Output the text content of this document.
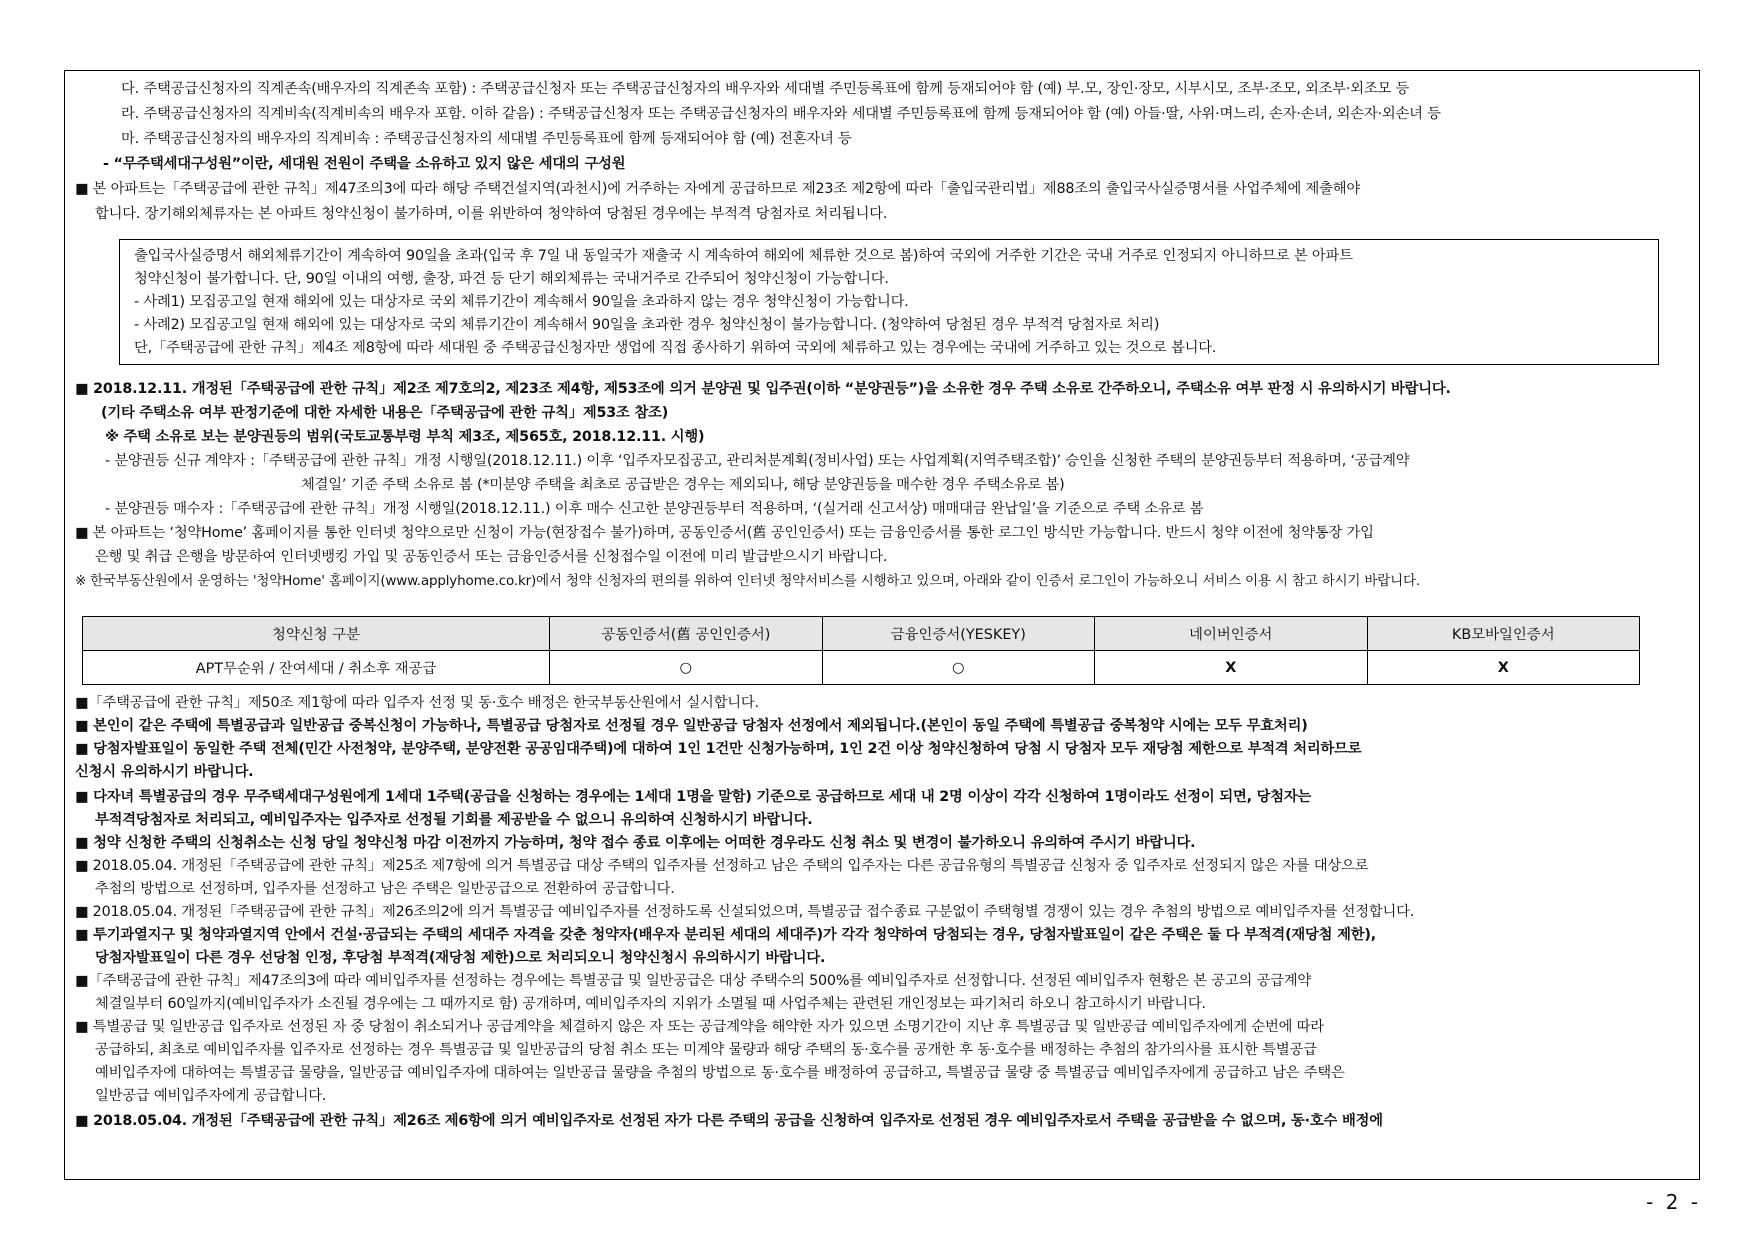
다. 주택공급신청자의 직계존속(배우자의 직계존속 포함) : 주택공급신청자 또는 주택공급신청자의 배우자와 세대별 주민등록표에 함께 등재되어야 함 (예) 부.모, 장인·장모, 시부시모, 조부·조모, 외조부·외조모 등
라. 주택공급신청자의 직계비속(직계비속의 배우자 포함. 이하 같음) : 주택공급신청자 또는 주택공급신청자의 배우자와 세대별 주민등록표에 함께 등재되어야 함 (예) 아들·딸, 사위·며느리, 손자·손녀, 외손자·외손녀 등
마. 주택공급신청자의 배우자의 직계비속 : 주택공급신청자의 세대별 주민등록표에 함께 등재되어야 함 (예) 전혼자녀 등
- “무주택세대구성원”이란, 세대원 전원이 주택을 소유하고 있지 않은 세대의 구성원
■ 본 아파트는「주택공급에 관한 규칙」제47조의3에 따라 해당 주택건설지역(과천시)에 거주하는 자에게 공급하므로 제23조 제2항에 따라「출입국관리법」제88조의 출입국사실증명서를 사업주체에 제출해야
합니다. 장기해외체류자는 본 아파트 청약신청이 불가하며, 이를 위반하여 청약하여 당첨된 경우에는 부적격 당첨자로 처리됩니다.
출입국사실증명서 해외체류기간이 계속하여 90일을 초과(입국 후 7일 내 동일국가 재출국 시 계속하여 해외에 체류한 것으로 봄)하여 국외에 거주한 기간은 국내 거주로 인정되지 아니하므로 본 아파트
청약신청이 불가합니다. 단, 90일 이내의 여행, 출장, 파견 등 단기 해외체류는 국내거주로 간주되어 청약신청이 가능합니다.
- 사례1) 모집공고일 현재 해외에 있는 대상자로 국외 체류기간이 계속해서 90일을 초과하지 않는 경우 청약신청이 가능합니다.
- 사례2) 모집공고일 현재 해외에 있는 대상자로 국외 체류기간이 계속해서 90일을 초과한 경우 청약신청이 불가능합니다. (청약하여 당첨된 경우 부적격 당첨자로 처리)
단,「주택공급에 관한 규칙」제4조 제8항에 따라 세대원 중 주택공급신청자만 생업에 직접 종사하기 위하여 국외에 체류하고 있는 경우에는 국내에 거주하고 있는 것으로 봅니다.
■ 2018.12.11. 개정된「주택공급에 관한 규칙」제2조 제7호의2, 제23조 제4항, 제53조에 의거 분양권 및 입주권(이하 “분양권등”)을 소유한 경우 주택 소유로 간주하오니, 주택소유 여부 판정 시 유의하시기 바랍니다.
(기타 주택소유 여부 판정기준에 대한 자세한 내용은「주택공급에 관한 규칙」제53조 참조)
※ 주택 소유로 보는 분양권등의 범위(국토교통부령 부칙 제3조, 제565호, 2018.12.11. 시행)
- 분양권등 신규 계약자 :「주택공급에 관한 규칙」개정 시행일(2018.12.11.) 이후 ‘입주자모집공고, 관리처분계획(정비사업) 또는 사업계획(지역주택조합)’ 승인을 신청한 주택의 분양권등부터 적용하며, ‘공급계약
체결일’ 기준 주택 소유로 봄 (*미분양 주택을 최초로 공급받은 경우는 제외되나, 해당 분양권등을 매수한 경우 주택소유로 봄)
- 분양권등 매수자 :「주택공급에 관한 규칙」개정 시행일(2018.12.11.) 이후 매수 신고한 분양권등부터 적용하며, ‘(실거래 신고서상) 매매대금 완납일’을 기준으로 주택 소유로 봄
■ 본 아파트는 ‘청약Home’ 홈페이지를 통한 인터넷 청약으로만 신청이 가능(현장접수 불가)하며, 공동인증서(舊 공인인증서) 또는 금융인증서를 통한 로그인 방식만 가능합니다. 반드시 청약 이전에 청약통장 가입
은행 및 취급 은행을 방문하여 인터넷뱅킹 가입 및 공동인증서 또는 금융인증서를 신청접수일 이전에 미리 발급받으시기 바랍니다.
※ 한국부동산원에서 운영하는 '청약Home' 홈페이지(www.applyhome.co.kr)에서 청약 신청자의 편의를 위하여 인터넷 청약서비스를 시행하고 있으며, 아래와 같이 인증서 로그인이 가능하오니 서비스 이용 시 참고 하시기 바랍니다.
청약신청 구분	공동인증서(舊 공인인증서)	금융인증서(YESKEY)	네이버인증서	KB모바일인증서
APT무순위 / 잔여세대 / 취소후 재공급	○	○	X	X
■「주택공급에 관한 규칙」제50조 제1항에 따라 입주자 선정 및 동·호수 배정은 한국부동산원에서 실시합니다.
■ 본인이 같은 주택에 특별공급과 일반공급 중복신청이 가능하나, 특별공급 당첨자로 선정될 경우 일반공급 당첨자 선정에서 제외됩니다.(본인이 동일 주택에 특별공급 중복청약 시에는 모두 무효처리)
■ 당첨자발표일이 동일한 주택 전체(민간 사전청약, 분양주택, 분양전환 공공임대주택)에 대하여 1인 1건만 신청가능하며, 1인 2건 이상 청약신청하여 당첨 시 당첨자 모두 재당첨 제한으로 부적격 처리하므로
신청시 유의하시기 바랍니다.
■ 다자녀 특별공급의 경우 무주택세대구성원에게 1세대 1주택(공급을 신청하는 경우에는 1세대 1명을 말함) 기준으로 공급하므로 세대 내 2명 이상이 각각 신청하여 1명이라도 선정이 되면, 당첨자는
부적격당첨자로 처리되고, 예비입주자는 입주자로 선정될 기회를 제공받을 수 없으니 유의하여 신청하시기 바랍니다.
■ 청약 신청한 주택의 신청취소는 신청 당일 청약신청 마감 이전까지 가능하며, 청약 접수 종료 이후에는 어떠한 경우라도 신청 취소 및 변경이 불가하오니 유의하여 주시기 바랍니다.
■ 2018.05.04. 개정된「주택공급에 관한 규칙」제25조 제7항에 의거 특별공급 대상 주택의 입주자를 선정하고 남은 주택의 입주자는 다른 공급유형의 특별공급 신청자 중 입주자로 선정되지 않은 자를 대상으로
추첨의 방법으로 선정하며, 입주자를 선정하고 남은 주택은 일반공급으로 전환하여 공급합니다.
■ 2018.05.04. 개정된「주택공급에 관한 규칙」제26조의2에 의거 특별공급 예비입주자를 선정하도록 신설되었으며, 특별공급 접수종료 구분없이 주택형별 경쟁이 있는 경우 추첨의 방법으로 예비입주자를 선정합니다.
■ 투기과열지구 및 청약과열지역 안에서 건설·공급되는 주택의 세대주 자격을 갖춘 청약자(배우자 분리된 세대의 세대주)가 각각 청약하여 당첨되는 경우, 당첨자발표일이 같은 주택은 둘 다 부적격(재당첨 제한),
당첨자발표일이 다른 경우 선당첨 인정, 후당첨 부적격(재당첨 제한)으로 처리되오니 청약신청시 유의하시기 바랍니다.
■「주택공급에 관한 규칙」제47조의3에 따라 예비입주자를 선정하는 경우에는 특별공급 및 일반공급은 대상 주택수의 500%를 예비입주자로 선정합니다. 선정된 예비입주자 현황은 본 공고의 공급계약
체결일부터 60일까지(예비입주자가 소진될 경우에는 그 때까지로 함) 공개하며, 예비입주자의 지위가 소멸될 때 사업주체는 관련된 개인정보는 파기처리 하오니 참고하시기 바랍니다.
■ 특별공급 및 일반공급 입주자로 선정된 자 중 당첨이 취소되거나 공급계약을 체결하지 않은 자 또는 공급계약을 해약한 자가 있으면 소명기간이 지난 후 특별공급 및 일반공급 예비입주자에게 순번에 따라
공급하되, 최초로 예비입주자를 입주자로 선정하는 경우 특별공급 및 일반공급의 당첨 취소 또는 미계약 물량과 해당 주택의 동·호수를 공개한 후 동·호수를 배정하는 추첨의 참가의사를 표시한 특별공급
예비입주자에 대하여는 특별공급 물량을, 일반공급 예비입주자에 대하여는 일반공급 물량을 추첨의 방법으로 동·호수를 배정하여 공급하고, 특별공급 물량 중 특별공급 예비입주자에게 공급하고 남은 주택은
일반공급 예비입주자에게 공급합니다.
■ 2018.05.04. 개정된「주택공급에 관한 규칙」제26조 제6항에 의거 예비입주자로 선정된 자가 다른 주택의 공급을 신청하여 입주자로 선정된 경우 예비입주자로서 주택을 공급받을 수 없으며, 동·호수 배정에
- 2 -
